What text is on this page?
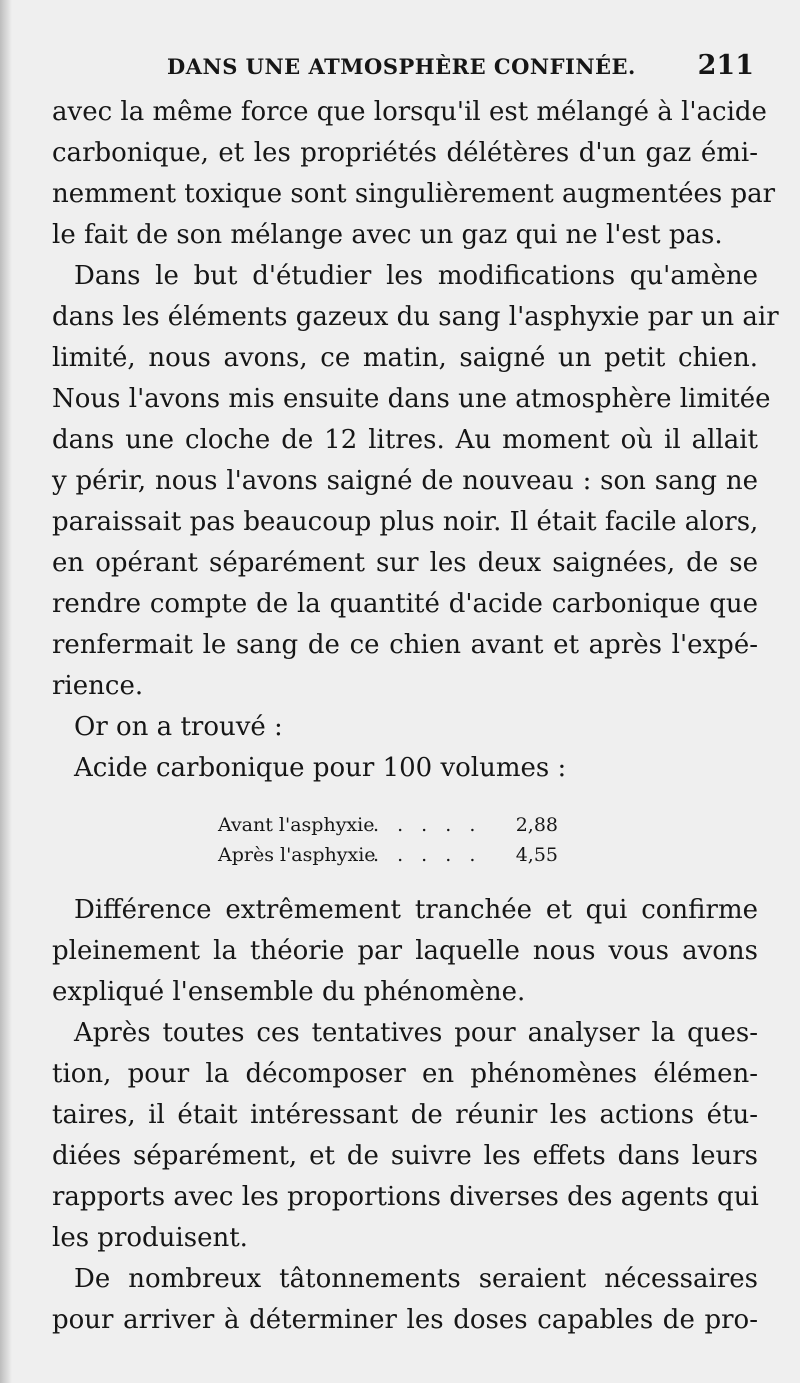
DANS UNE ATMOSPHÈRE CONFINÉE. 211
avec la même force que lorsqu'il est mélangé à l'acide
carbonique, et les propriétés délétères d'un gaz émi-
nemment toxique sont singulièrement augmentées par
le fait de son mélange avec un gaz qui ne l'est pas.
Dans le but d'étudier les modifications qu'amène
dans les éléments gazeux du sang l'asphyxie par un air
limité, nous avons, ce matin, saigné un petit chien.
Nous l'avons mis ensuite dans une atmosphère limitée
dans une cloche de 12 litres. Au moment où il allait
y périr, nous l'avons saigné de nouveau : son sang ne
paraissait pas beaucoup plus noir. Il était facile alors,
en opérant séparément sur les deux saignées, de se
rendre compte de la quantité d'acide carbonique que
renfermait le sang de ce chien avant et après l'expé-
rience.
Or on a trouvé :
Acide carbonique pour 100 volumes :
Avant l'asphyxie
. . . . . 2,88
Après l'asphyxie
. . . . . 4,55
Différence extrêmement tranchée et qui confirme
pleinement la théorie par laquelle nous vous avons
expliqué l'ensemble du phénomène.
Après toutes ces tentatives pour analyser la ques-
tion, pour la décomposer en phénomènes élémen-
taires, il était intéressant de réunir les actions étu-
diées séparément, et de suivre les effets dans leurs
rapports avec les proportions diverses des agents qui
les produisent.
De nombreux tâtonnements seraient nécessaires
pour arriver à déterminer les doses capables de pro-
